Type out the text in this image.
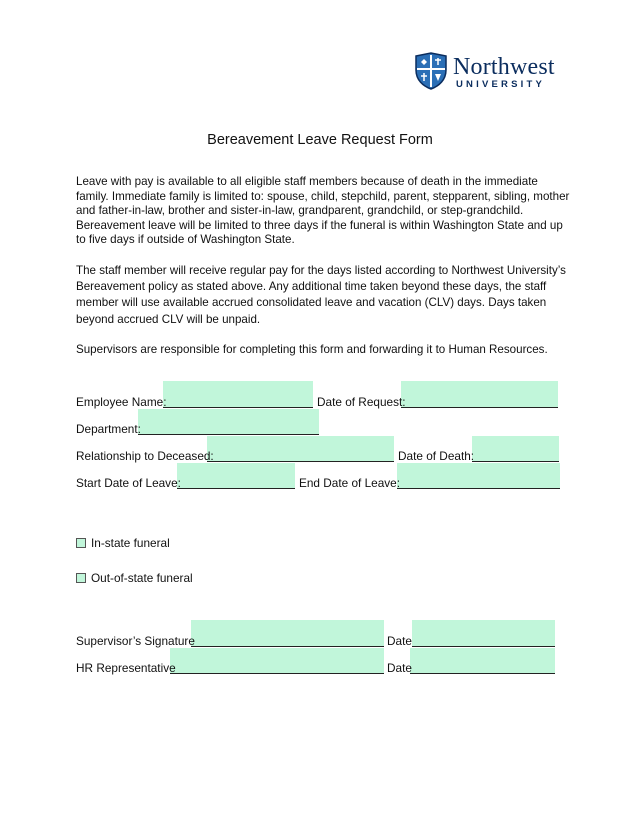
Northwest
UNIVERSITY
Bereavement Leave Request Form
Leave with pay is available to all eligible staff members because of death in the immediate family. Immediate family is limited to: spouse, child, stepchild, parent, stepparent, sibling, mother and father-in-law, brother and sister-in-law, grandparent, grandchild, or step-grandchild. Bereavement leave will be limited to three days if the funeral is within Washington State and up to five days if outside of Washington State.
The staff member will receive regular pay for the days listed according to Northwest University’s Bereavement policy as stated above. Any additional time taken beyond these days, the staff member will use available accrued consolidated leave and vacation (CLV) days. Days taken beyond accrued CLV will be unpaid.
Supervisors are responsible for completing this form and forwarding it to Human Resources.
Employee Name:	Date of Request:
Department:
Relationship to Deceased:	Date of Death:
Start Date of Leave:	End Date of Leave:
In-state funeral
Out-of-state funeral
Supervisor’s Signature	Date
HR Representative	Date
